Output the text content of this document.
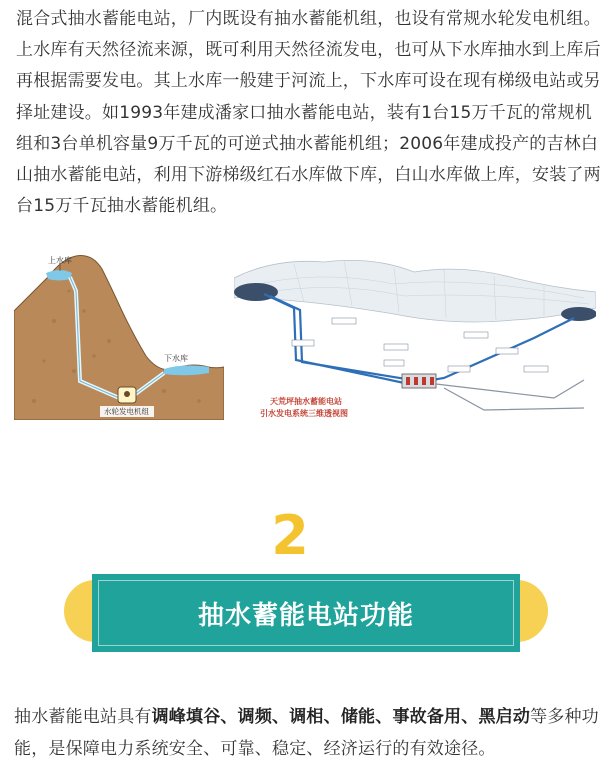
混合式抽水蓄能电站，厂内既设有抽水蓄能机组，也设有常规水轮发电机组。上水库有天然径流来源，既可利用天然径流发电，也可从下水库抽水到上库后再根据需要发电。其上水库一般建于河流上，下水库可设在现有梯级电站或另择址建设。如1993年建成潘家口抽水蓄能电站，装有1台15万千瓦的常规机组和3台单机容量9万千瓦的可逆式抽水蓄能机组；2006年建成投产的吉林白山抽水蓄能电站，利用下游梯级红石水库做下库，白山水库做上库，安装了两台15万千瓦抽水蓄能机组。

上水库
下水库
水轮发电机组
天荒坪抽水蓄能电站
引水发电系统三维透视图
2
抽水蓄能电站功能

抽水蓄能电站具有调峰填谷、调频、调相、储能、事故备用、黑启动等多种功能，是保障电力系统安全、可靠、稳定、经济运行的有效途径。
